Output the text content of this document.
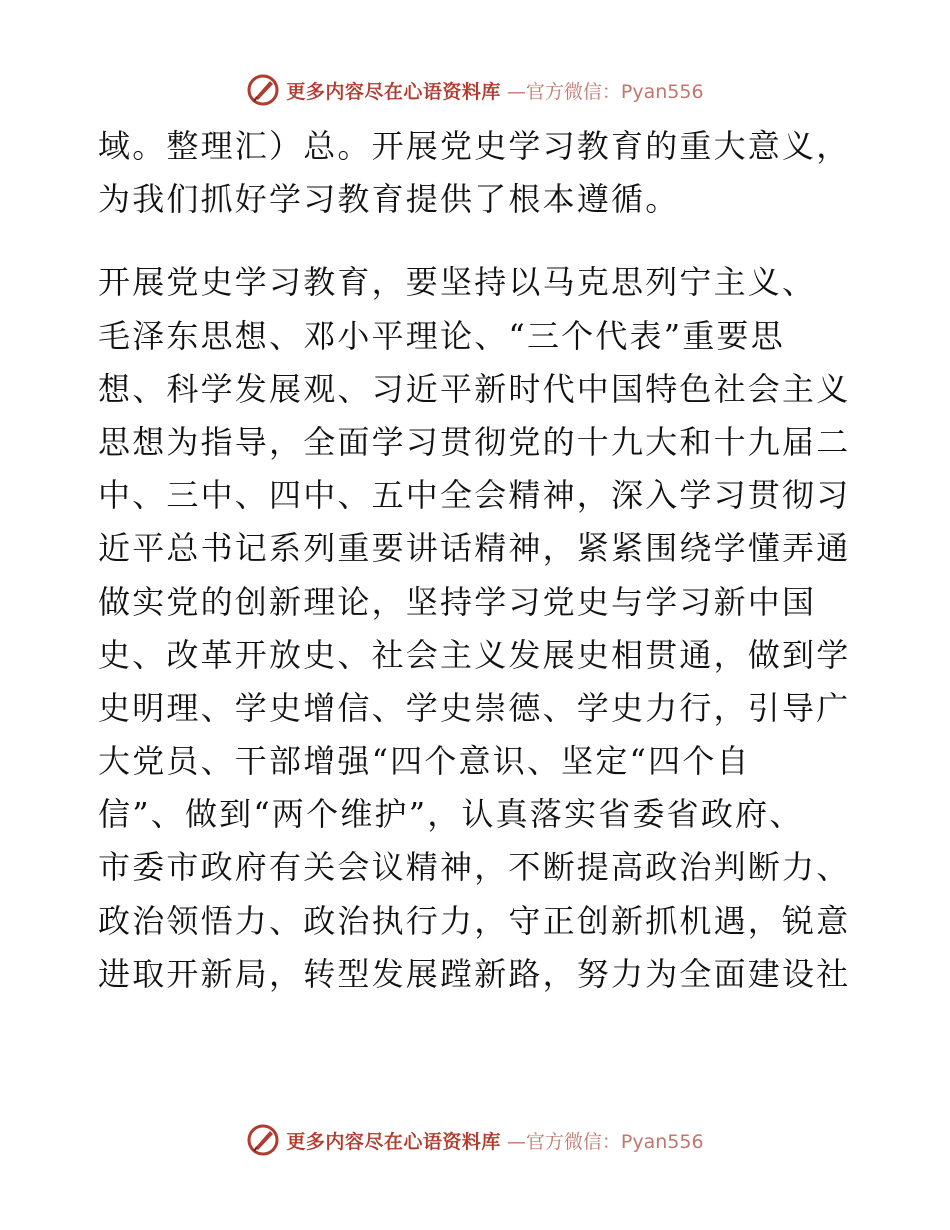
更多内容尽在心语资料库 —官方微信：Pyan556
域。整理汇）总。开展党史学习教育的重大意义，
为我们抓好学习教育提供了根本遵循。
开展党史学习教育，要坚持以马克思列宁主义、
毛泽东思想、邓小平理论、“三个代表”重要思
想、科学发展观、习近平新时代中国特色社会主义
思想为指导，全面学习贯彻党的十九大和十九届二
中、三中、四中、五中全会精神，深入学习贯彻习
近平总书记系列重要讲话精神，紧紧围绕学懂弄通
做实党的创新理论，坚持学习党史与学习新中国
史、改革开放史、社会主义发展史相贯通，做到学
史明理、学史增信、学史崇德、学史力行，引导广
大党员、干部增强“四个意识、坚定“四个自
信”、做到“两个维护”，认真落实省委省政府、
市委市政府有关会议精神，不断提高政治判断力、
政治领悟力、政治执行力，守正创新抓机遇，锐意
进取开新局，转型发展蹚新路，努力为全面建设社
更多内容尽在心语资料库 —官方微信：Pyan556
